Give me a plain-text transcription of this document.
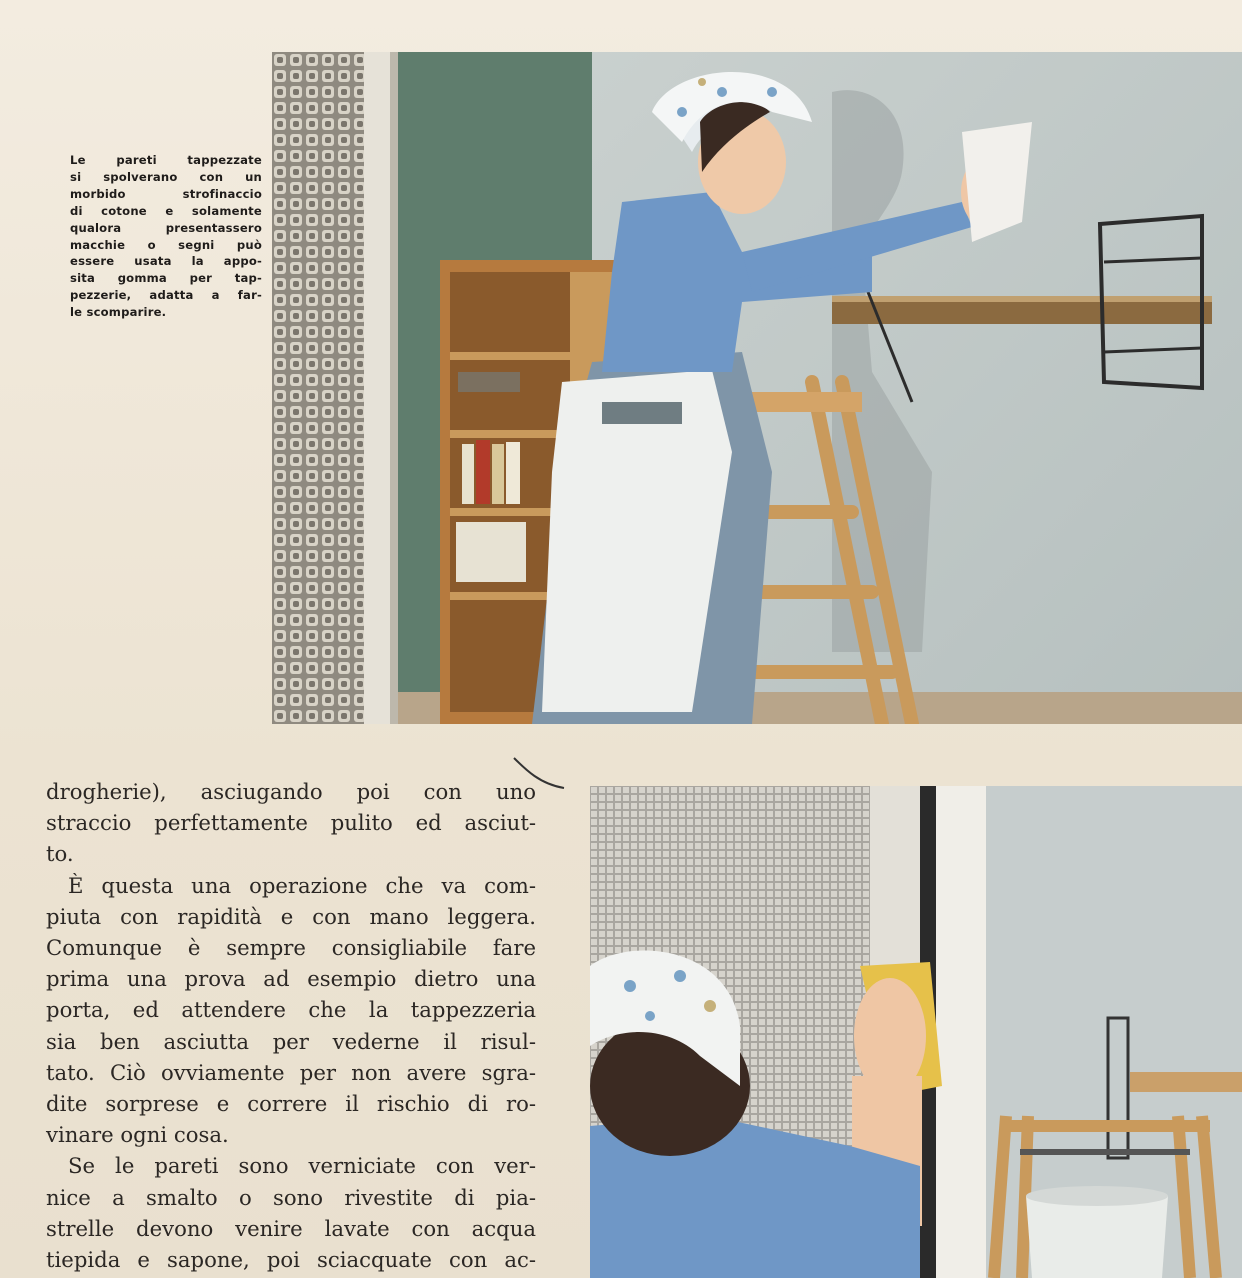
Le pareti tappezzate
si spolverano con un
morbido strofinaccio
di cotone e solamente
qualora presentassero
macchie o segni può
essere usata la appo-
sita gomma per tap-
pezzerie, adatta a far-
le scomparire.
drogherie), asciugando poi con uno
straccio perfettamente pulito ed asciut-
to.
È questa una operazione che va com-
piuta con rapidità e con mano leggera.
Comunque è sempre consigliabile fare
prima una prova ad esempio dietro una
porta, ed attendere che la tappezzeria
sia ben asciutta per vederne il risul-
tato. Ciò ovviamente per non avere sgra-
dite sorprese e correre il rischio di ro-
vinare ogni cosa.
Se le pareti sono verniciate con ver-
nice a smalto o sono rivestite di pia-
strelle devono venire lavate con acqua
tiepida e sapone, poi sciacquate con ac-
